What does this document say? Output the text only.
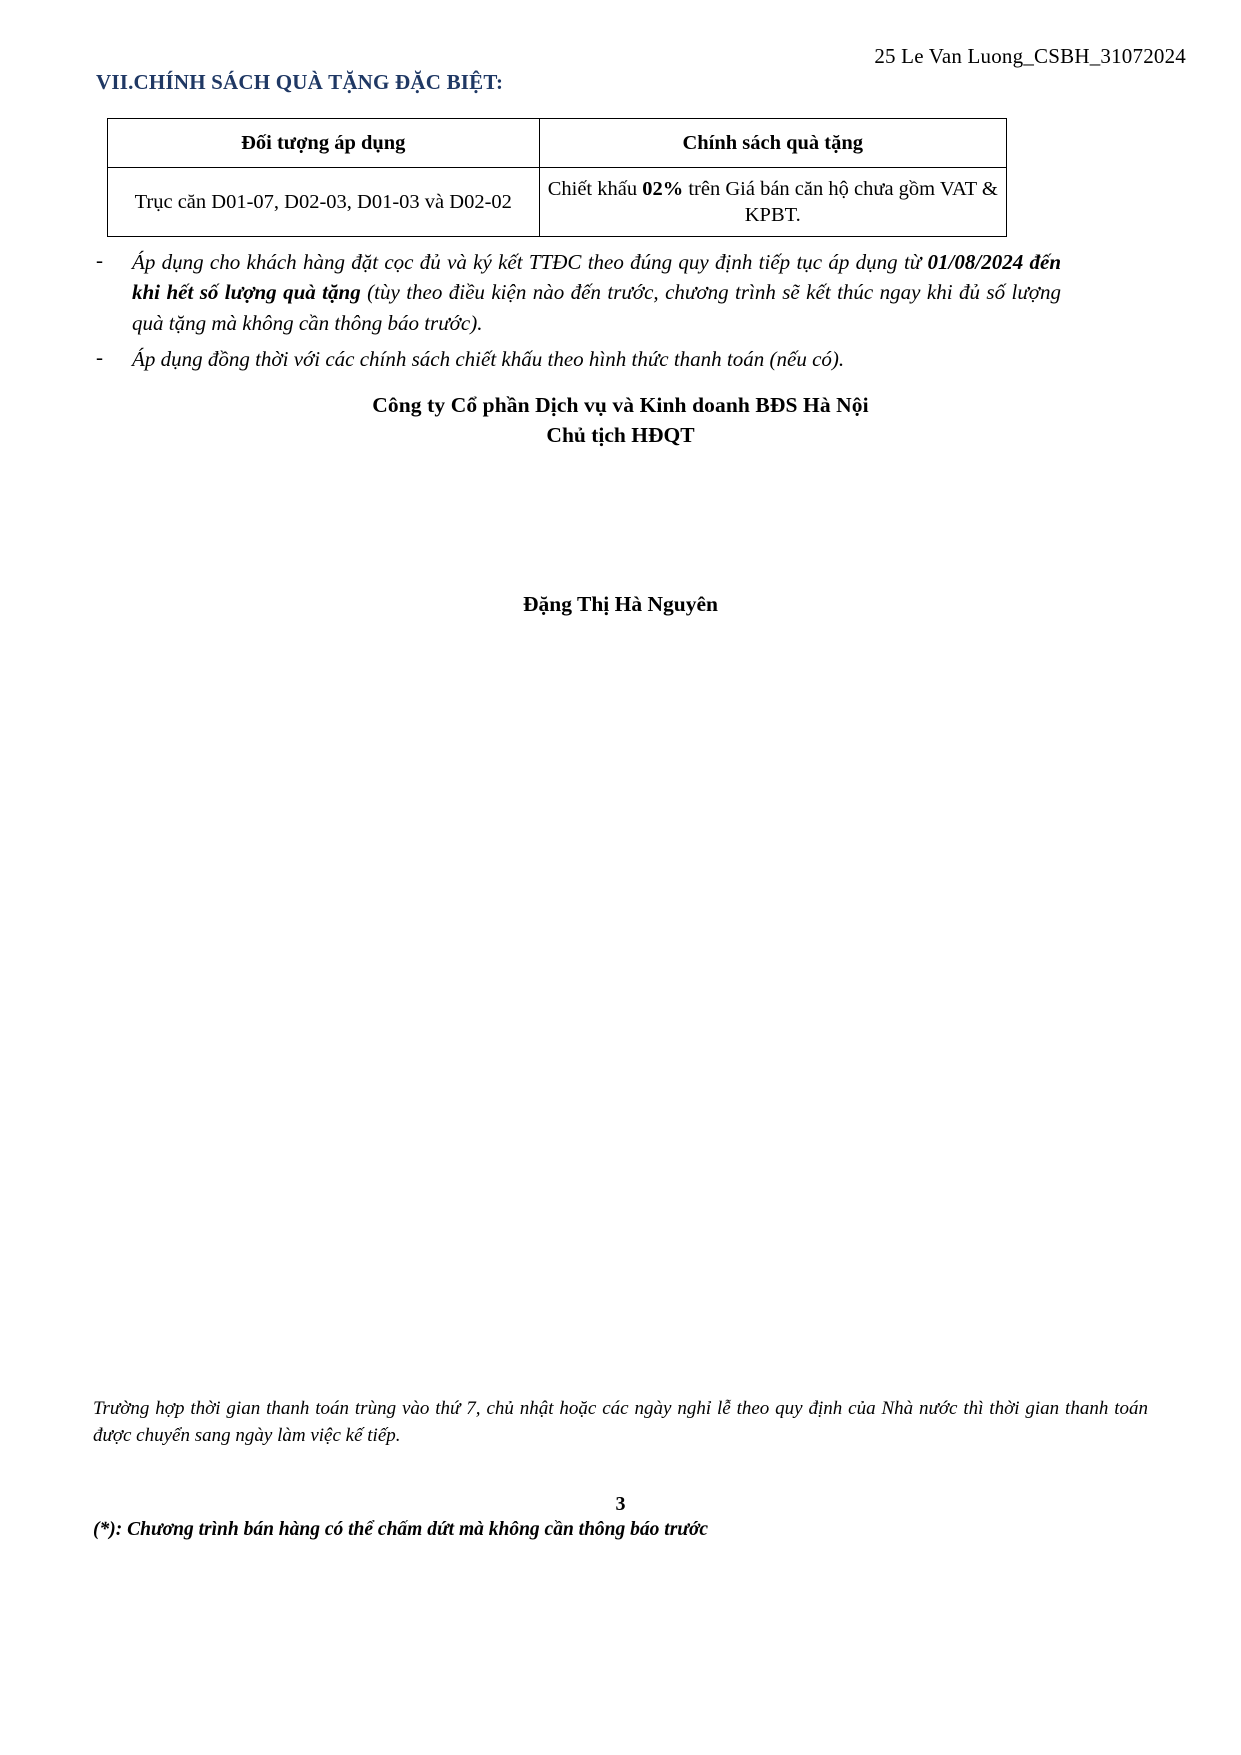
25 Le Van Luong_CSBH_31072024
VII.CHÍNH SÁCH QUÀ TẶNG ĐẶC BIỆT:
Đối tượng áp dụng	Chính sách quà tặng
Trục căn D01-07, D02-03, D01-03 và D02-02	Chiết khấu 02% trên Giá bán căn hộ chưa gồm VAT & KPBT.
-	Áp dụng cho khách hàng đặt cọc đủ và ký kết TTĐC theo đúng quy định tiếp tục áp dụng từ 01/08/2024 đến khi hết số lượng quà tặng (tùy theo điều kiện nào đến trước, chương trình sẽ kết thúc ngay khi đủ số lượng quà tặng mà không cần thông báo trước).
-	Áp dụng đồng thời với các chính sách chiết khấu theo hình thức thanh toán (nếu có).
Công ty Cổ phần Dịch vụ và Kinh doanh BĐS Hà Nội
Chủ tịch HĐQT
Đặng Thị Hà Nguyên
Trường hợp thời gian thanh toán trùng vào thứ 7, chủ nhật hoặc các ngày nghỉ lễ theo quy định của Nhà nước thì thời gian thanh toán được chuyển sang ngày làm việc kế tiếp.
3
(*): Chương trình bán hàng có thể chấm dứt mà không cần thông báo trước
